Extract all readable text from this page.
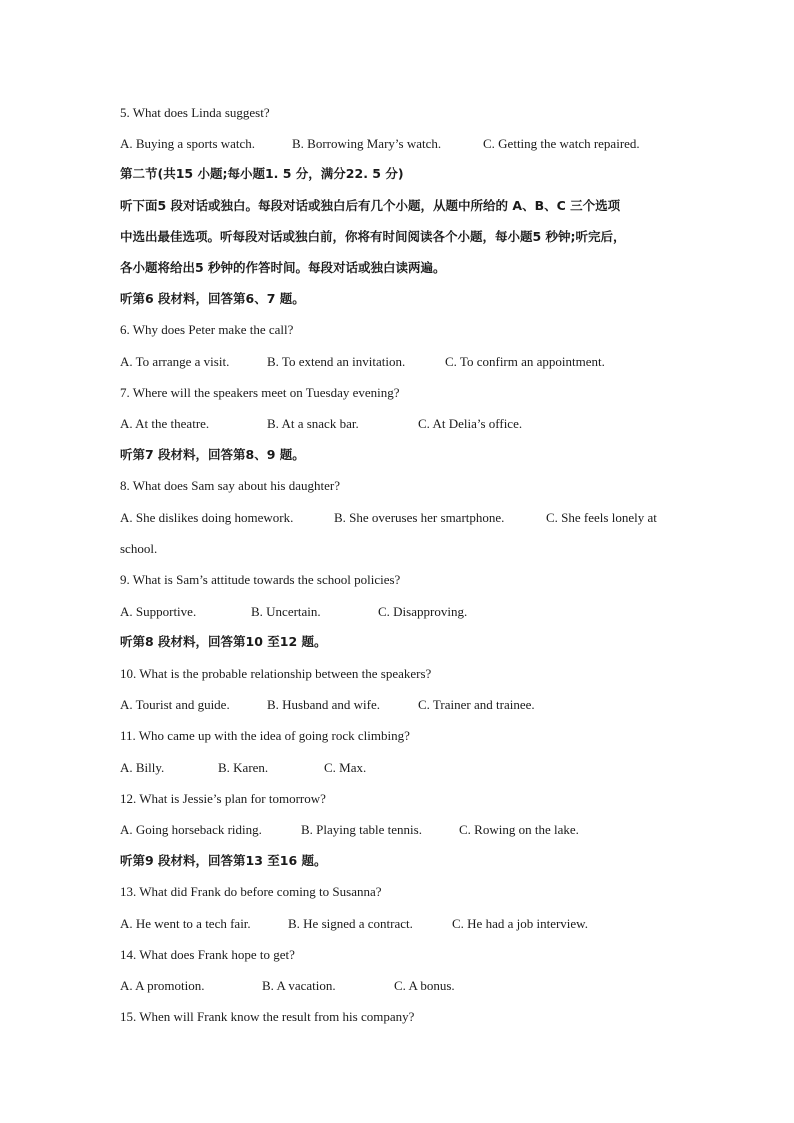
5. What does Linda suggest?
A. Buying a sports watch.	B. Borrowing Mary’s watch.	C. Getting the watch repaired.
第二节(共15 小题;每小题1. 5 分，满分22. 5 分)
听下面5 段对话或独白。每段对话或独白后有几个小题，从题中所给的 A、B、C 三个选项
中选出最佳选项。听每段对话或独白前，你将有时间阅读各个小题，每小题5 秒钟;听完后，
各小题将给出5 秒钟的作答时间。每段对话或独白读两遍。
听第6 段材料，回答第6、7 题。
6. Why does Peter make the call?
A. To arrange a visit.	B. To extend an invitation.	C. To confirm an appointment.
7. Where will the speakers meet on Tuesday evening?
A. At the theatre.	B. At a snack bar.	C. At Delia’s office.
听第7 段材料，回答第8、9 题。
8. What does Sam say about his daughter?
A. She dislikes doing homework.	B. She overuses her smartphone.	C. She feels lonely at
school.
9. What is Sam’s attitude towards the school policies?
A. Supportive.	B. Uncertain.	C. Disapproving.
听第8 段材料，回答第10 至12 题。
10. What is the probable relationship between the speakers?
A. Tourist and guide.	B. Husband and wife.	C. Trainer and trainee.
11. Who came up with the idea of going rock climbing?
A. Billy.	B. Karen.	C. Max.
12. What is Jessie’s plan for tomorrow?
A. Going horseback riding.	B. Playing table tennis.	C. Rowing on the lake.
听第9 段材料，回答第13 至16 题。
13. What did Frank do before coming to Susanna?
A. He went to a tech fair.	B. He signed a contract.	C. He had a job interview.
14. What does Frank hope to get?
A. A promotion.	B. A vacation.	C. A bonus.
15. When will Frank know the result from his company?
